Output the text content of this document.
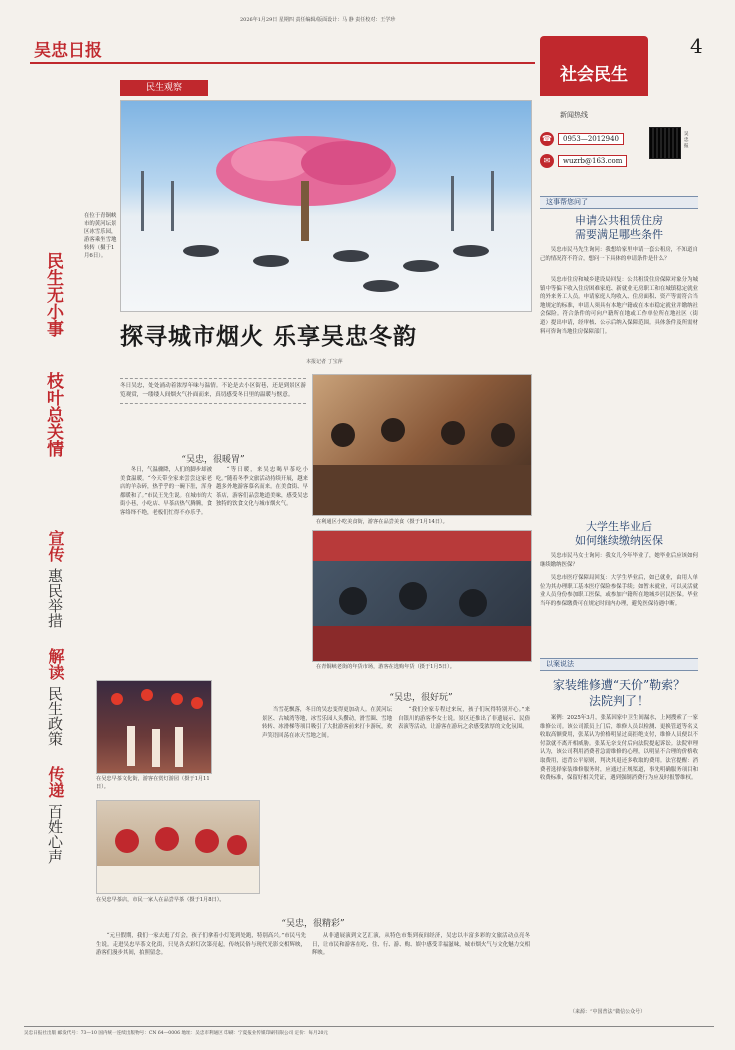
2026年1月29日 星期四 责任编辑/版面设计：马 静 责任校对：王学珍
吴忠日报
社会民生
4
新闻热线
☎	0953—2012940
✉	wuzrb@163.com
吴忠报
民生无小事
枝叶总关情
宣传
惠民举措
解读
民生政策
传递
百姓心声
民生观察
在位于青铜峡市的黄河坛景区冰雪乐园，游客乘坐雪地转转（摄于1月6日）。
探寻城市烟火 乐享吴忠冬韵
本报记者 丁宝萍
冬日吴忠，处处涌动着浓厚年味与温情。不论是去小区街巷，还是到景区游览观赏，一缕缕人间烟火气扑面而来，真切感受冬日里的温暖与惬意。
在利通区小吃美食街，游客在品尝美食（摄于1月14日）。
“吴忠，很暖胃”

冬日，气温骤降，人们的脚步却被美食温暖。“今天带全家来尝尝这家老店的羊杂碎，热乎乎的一碗下肚，浑身都暖和了。”市民王先生说。在城市的大街小巷，小吃店、早茶店热气腾腾，食客络绎不绝，老板们忙得不亦乐乎。

“等日暖，来吴忠喝早茶吃小吃。”随着冬季文旅活动持续开展，越来越多外地游客慕名而来。在美食街、早茶店，游客们品尝地道美味，感受吴忠独特的饮食文化与城市烟火气。

在青铜峡老街的年货市场，游客在选购年货（摄于1月5日）。
在吴忠早茶文化街，游客在赏灯游园（摄于1月11日）。
在吴忠早茶店，市民一家人在品尝早茶（摄于1月8日）。
“吴忠，很好玩”

当雪花飘落，冬日的吴忠变得更加动人。在黄河坛景区、古城湾等地，冰雪乐园人头攒动，滑雪圈、雪地转转、冰滑梯等项目吸引了大批游客前来打卡游玩，欢声笑语回荡在冰天雪地之间。

“我们全家专程过来玩，孩子们玩得特别开心。”来自银川的游客李女士说。景区还推出了非遗展示、民俗表演等活动，让游客在游玩之余感受浓厚的文化氛围。

“吴忠，很精彩”

“元旦假期，我们一家去逛了灯会，孩子们拿着小灯笼到处跑，特别高兴。”市民马先生说。走进吴忠早茶文化街，只见各式彩灯次第亮起，传统民俗与现代光影交相辉映，游客们漫步其间，拍照留念。

从非遗展演到文艺汇演，从特色市集到夜间经济，吴忠以丰富多彩的文旅活动点亮冬日，让市民和游客在吃、住、行、游、购、娱中感受幸福滋味，城市烟火气与文化魅力交相辉映。

这事帮您问了
申请公共租赁住房
需要满足哪些条件

吴忠市民马先生询问：我想给家里申请一套公租房，不知道自己的情况符不符合，想问一下具体的申请条件是什么？

吴忠市住房和城乡建设局回复：公共租赁住房保障对象分为城镇中等偏下收入住房困难家庭、新就业无房职工和在城镇稳定就业的外来务工人员。申请家庭人均收入、住房面积、资产等需符合当地规定的标准，申请人须具有本地户籍或在本市稳定就业并缴纳社会保险。符合条件的可向户籍所在地或工作单位所在地社区（街道）提出申请，经审核、公示后纳入保障范围。具体条件及所需材料可咨询当地住房保障部门。

大学生毕业后
如何继续缴纳医保

吴忠市民马女士询问：我女儿今年毕业了，她毕业后应该如何继续缴纳医保？

吴忠市医疗保障局回复：大学生毕业后，如已就业，由用人单位为其办理职工基本医疗保险参保手续；如暂未就业，可以灵活就业人员身份参加职工医保，或参加户籍所在地城乡居民医保。毕业当年的参保缴费可在规定时间内办理，避免医保待遇中断。

以案说法
家装维修遭“天价”勒索？
法院判了！

案例：2025年3月，张某因家中卫生间漏水，上网搜索了一家维修公司。该公司派员上门后，维修人员以检测、更换管道等名义收取高额费用，张某认为价格明显过高拒绝支付，维修人员便以不付款就不离开相威胁。张某无奈支付后向法院提起诉讼。法院审理认为，该公司利用消费者急需维修的心理，以明显不合理的价格收取费用，违背公平原则，判决其退还多收取的费用。法官提醒：消费者选择家装维修服务时，应通过正规渠道，事先明确服务项目和收费标准，保留好相关凭证，遇到强制消费行为应及时报警维权。

（来源：“中国普法”微信公众号）
吴忠日报社出版 邮发代号：73—10 国内统一连续出版物号：CN 64—0006 地址：吴忠市利通区 印刷：宁夏报业传媒印刷有限公司 定价：每月20元
